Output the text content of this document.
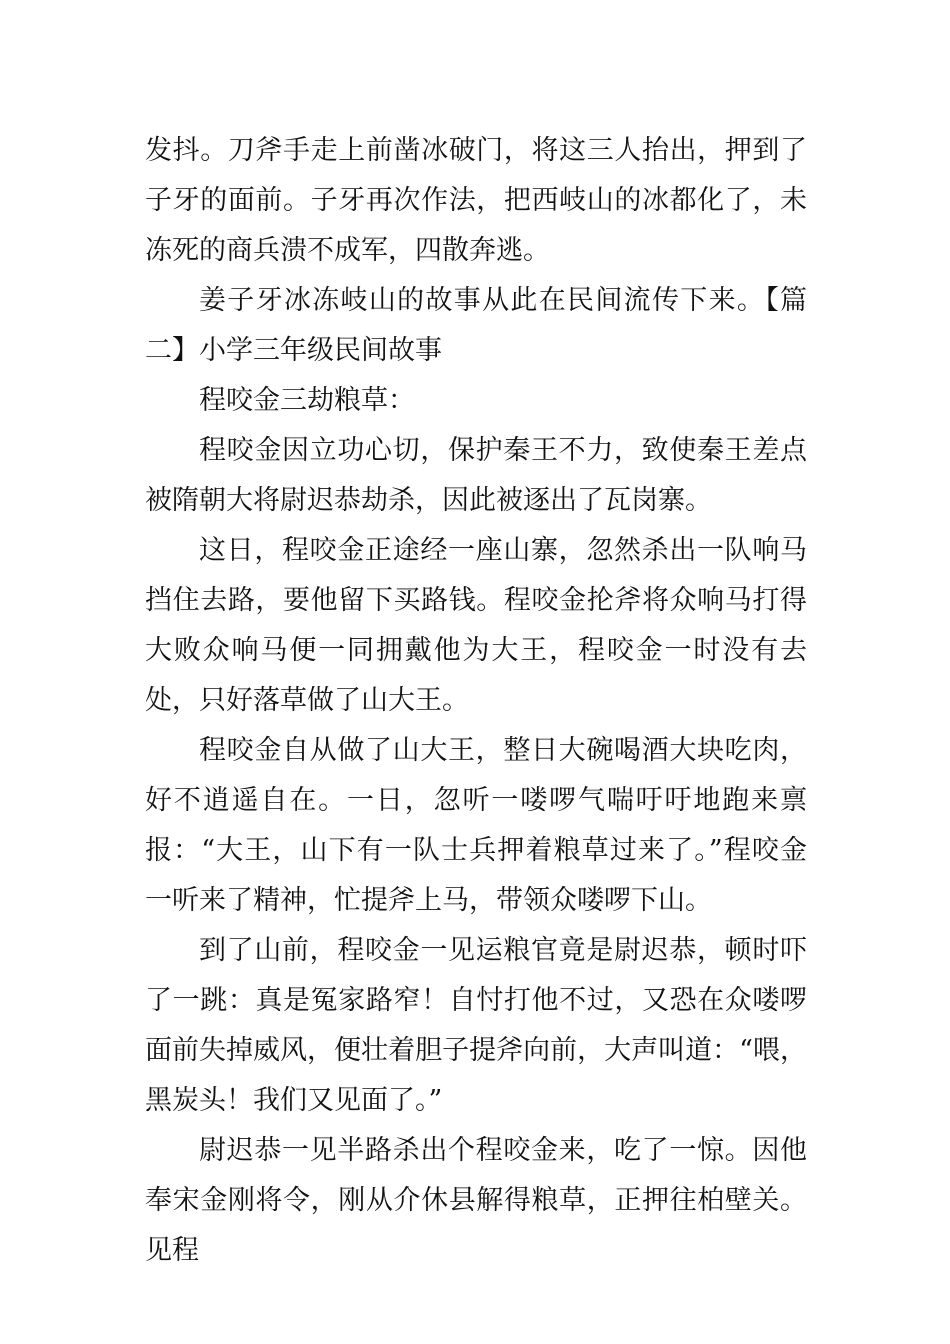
发抖。刀斧手走上前凿冰破门，将这三人抬出，押到了子牙的面前。子牙再次作法，把西岐山的冰都化了，未冻死的商兵溃不成军，四散奔逃。

姜子牙冰冻岐山的故事从此在民间流传下来。【篇二】小学三年级民间故事

程咬金三劫粮草：

程咬金因立功心切，保护秦王不力，致使秦王差点被隋朝大将尉迟恭劫杀，因此被逐出了瓦岗寨。

这日，程咬金正途经一座山寨，忽然杀出一队响马挡住去路，要他留下买路钱。程咬金抡斧将众响马打得大败众响马便一同拥戴他为大王，程咬金一时没有去处，只好落草做了山大王。

程咬金自从做了山大王，整日大碗喝酒大块吃肉，好不逍遥自在。一日，忽听一喽啰气喘吁吁地跑来禀报：“大王，山下有一队士兵押着粮草过来了。”程咬金一听来了精神，忙提斧上马，带领众喽啰下山。

到了山前，程咬金一见运粮官竟是尉迟恭，顿时吓了一跳：真是冤家路窄！自忖打他不过，又恐在众喽啰面前失掉威风，便壮着胆子提斧向前，大声叫道：“喂，黑炭头！我们又见面了。”

尉迟恭一见半路杀出个程咬金来，吃了一惊。因他奉宋金刚将令，刚从介休县解得粮草，正押往柏壁关。见程
